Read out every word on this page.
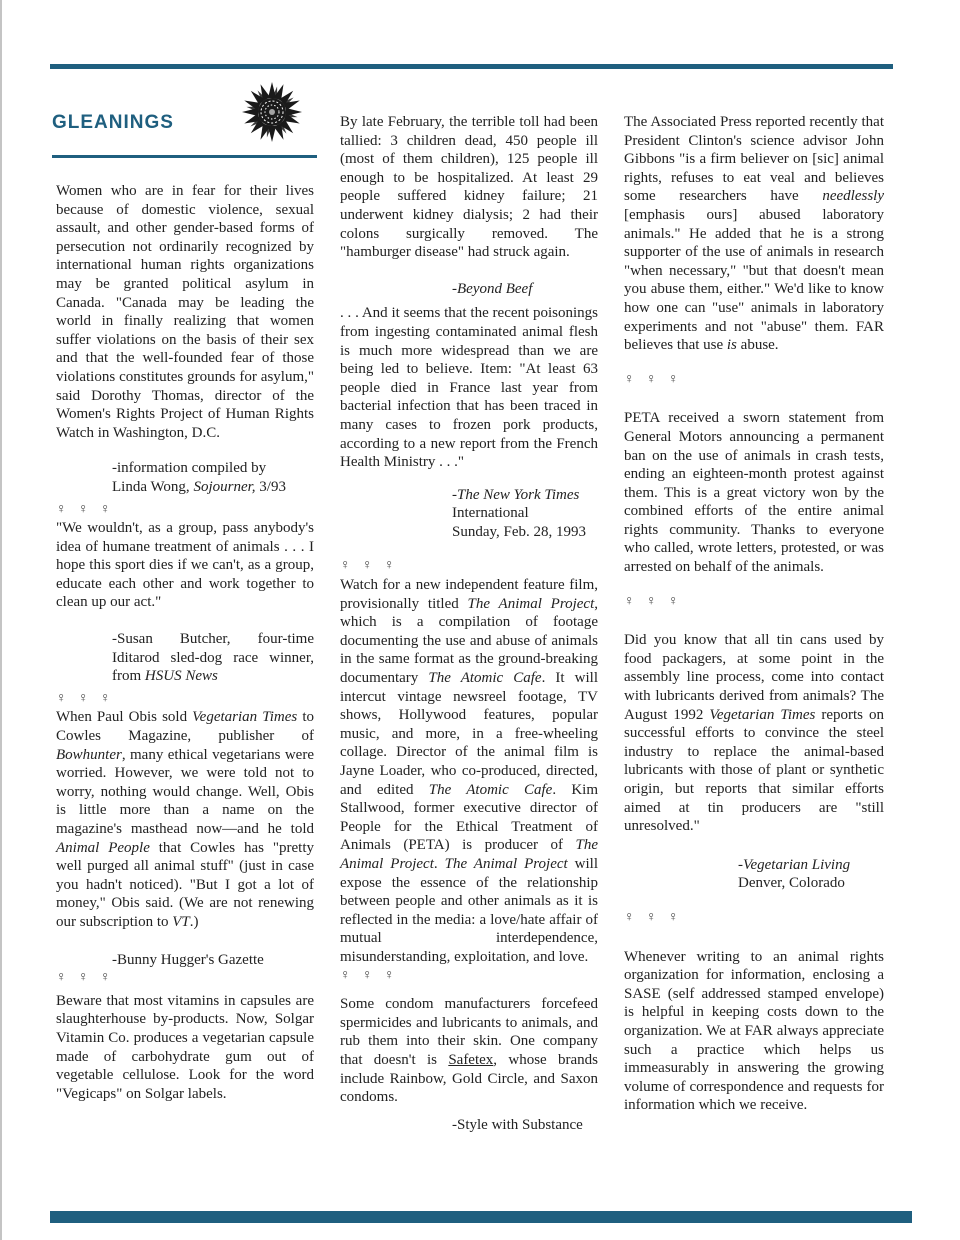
GLEANINGS

Women who are in fear for their lives because of domestic violence, sexual assault, and other gender-based forms of persecution not ordinarily recognized by international human rights organizations may be granted political asylum in Canada. "Canada may be leading the world in finally realizing that women suffer violations on the basis of their sex and that the well-founded fear of those violations constitutes grounds for asylum," said Dorothy Thomas, director of the Women's Rights Project of Human Rights Watch in Washington, D.C.

-information compiled by
Linda Wong, Sojourner, 3/93

♀ ♀ ♀

"We wouldn't, as a group, pass anybody's idea of humane treatment of animals . . . I hope this sport dies if we can't, as a group, educate each other and work together to clean up our act."

-Susan Butcher, four-time Iditarod sled-dog race winner, from HSUS News

♀ ♀ ♀

When Paul Obis sold Vegetarian Times to Cowles Magazine, publisher of Bowhunter, many ethical vegetarians were worried. However, we were told not to worry, nothing would change. Well, Obis is little more than a name on the magazine's masthead now—and he told Animal People that Cowles has "pretty well purged all animal stuff" (just in case you hadn't noticed). "But I got a lot of money," Obis said. (We are not renewing our subscription to VT.)

-Bunny Hugger's Gazette

♀ ♀ ♀

Beware that most vitamins in capsules are slaughterhouse by-products. Now, Solgar Vitamin Co. produces a vegetarian capsule made of carbohydrate gum out of vegetable cellulose. Look for the word "Vegicaps" on Solgar labels.

By late February, the terrible toll had been tallied: 3 children dead, 450 people ill (most of them children), 125 people ill enough to be hospitalized. At least 29 people suffered kidney failure; 21 underwent kidney dialysis; 2 had their colons surgically removed. The "hamburger disease" had struck again.

-Beyond Beef

. . . And it seems that the recent poisonings from ingesting contaminated animal flesh is much more widespread than we are being led to believe. Item: "At least 63 people died in France last year from bacterial infection that has been traced in many cases to frozen pork products, according to a new report from the French Health Ministry . . ."

-The New York Times
International
Sunday, Feb. 28, 1993

♀ ♀ ♀

Watch for a new independent feature film, provisionally titled The Animal Project, which is a compilation of footage documenting the use and abuse of animals in the same format as the ground-breaking documentary The Atomic Cafe. It will intercut vintage newsreel footage, TV shows, Hollywood features, popular music, and more, in a free-wheeling collage. Director of the animal film is Jayne Loader, who co-produced, directed, and edited The Atomic Cafe. Kim Stallwood, former executive director of People for the Ethical Treatment of Animals (PETA) is producer of The Animal Project. The Animal Project will expose the essence of the relationship between people and other animals as it is reflected in the media: a love/hate affair of mutual interdependence, misunderstanding, exploitation, and love.

♀ ♀ ♀

Some condom manufacturers forcefeed spermicides and lubricants to animals, and rub them into their skin. One company that doesn't is Safetex, whose brands include Rainbow, Gold Circle, and Saxon condoms.

-Style with Substance

The Associated Press reported recently that President Clinton's science advisor John Gibbons "is a firm believer on [sic] animal rights, refuses to eat veal and believes some researchers have needlessly [emphasis ours] abused laboratory animals." He added that he is a strong supporter of the use of animals in research "when necessary," "but that doesn't mean you abuse them, either." We'd like to know how one can "use" animals in laboratory experiments and not "abuse" them. FAR believes that use is abuse.

♀ ♀ ♀

PETA received a sworn statement from General Motors announcing a permanent ban on the use of animals in crash tests, ending an eighteen-month protest against them. This is a great victory won by the combined efforts of the entire animal rights community. Thanks to everyone who called, wrote letters, protested, or was arrested on behalf of the animals.

♀ ♀ ♀

Did you know that all tin cans used by food packagers, at some point in the assembly line process, come into contact with lubricants derived from animals? The August 1992 Vegetarian Times reports on successful efforts to convince the steel industry to replace the animal-based lubricants with those of plant or synthetic origin, but reports that similar efforts aimed at tin producers are "still unresolved."

-Vegetarian Living
Denver, Colorado

♀ ♀ ♀

Whenever writing to an animal rights organization for information, enclosing a SASE (self addressed stamped envelope) is helpful in keeping costs down to the organization. We at FAR always appreciate such a practice which helps us immeasurably in answering the growing volume of correspondence and requests for information which we receive.
